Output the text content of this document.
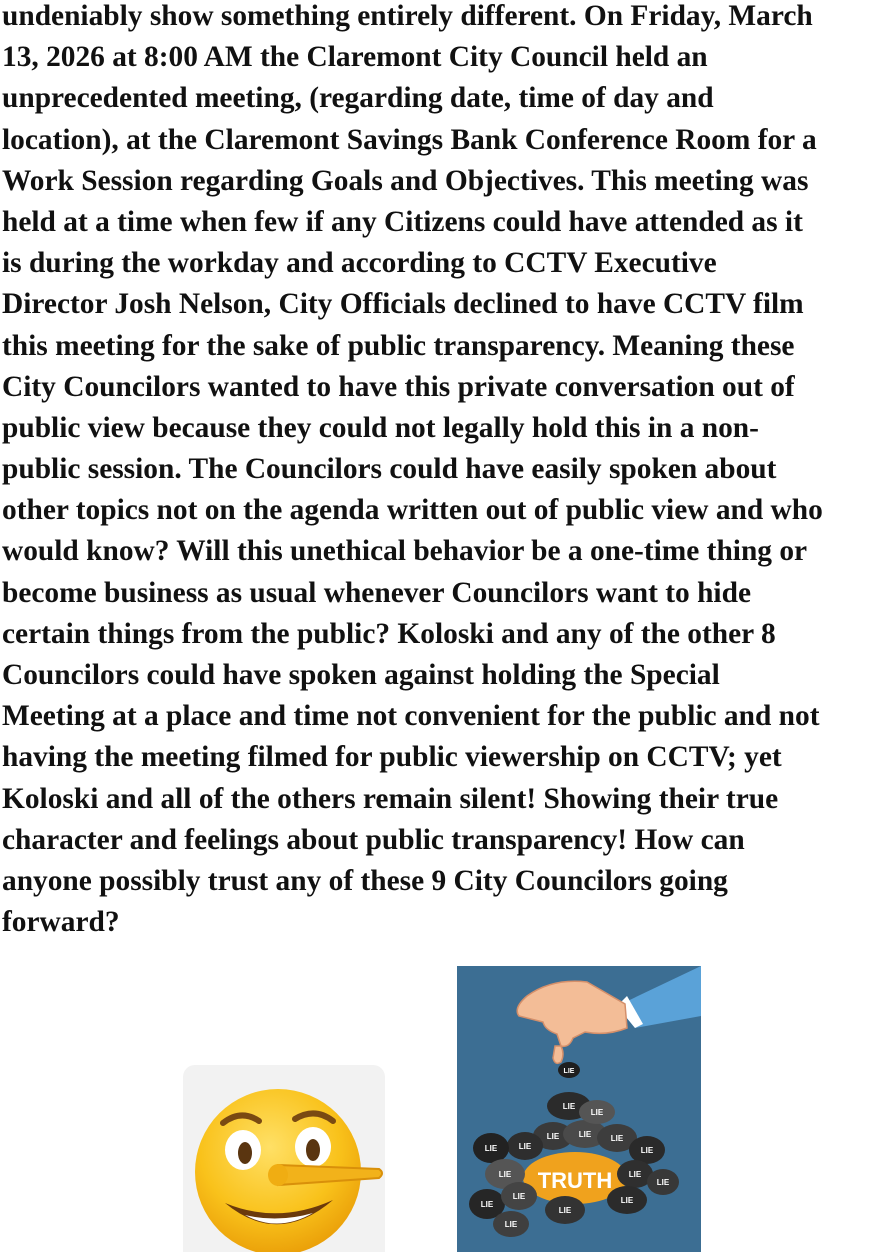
undeniably show something entirely different. On Friday, March
13, 2026 at 8:00 AM the Claremont City Council held an
unprecedented meeting, (regarding date, time of day and
location), at the Claremont Savings Bank Conference Room for a
Work Session regarding Goals and Objectives. This meeting was
held at a time when few if any Citizens could have attended as it
is during the workday and according to CCTV Executive
Director Josh Nelson, City Officials declined to have CCTV film
this meeting for the sake of public transparency. Meaning these
City Councilors wanted to have this private conversation out of
public view because they could not legally hold this in a non-
public session. The Councilors could have easily spoken about
other topics not on the agenda written out of public view and who
would know? Will this unethical behavior be a one-time thing or
become business as usual whenever Councilors want to hide
certain things from the public? Koloski and any of the other 8
Councilors could have spoken against holding the Special
Meeting at a place and time not convenient for the public and not
having the meeting filmed for public viewership on CCTV; yet
Koloski and all of the others remain silent! Showing their true
character and feelings about public transparency! How can
anyone possibly trust any of these 9 City Councilors going
forward?
LIE
TRUTH
LIE
LIE LIE
LIE
LIE
LIE	LIE
LIE	LIE
LIE
LIE
LIE
LIE
LIE
LIE
LIE
